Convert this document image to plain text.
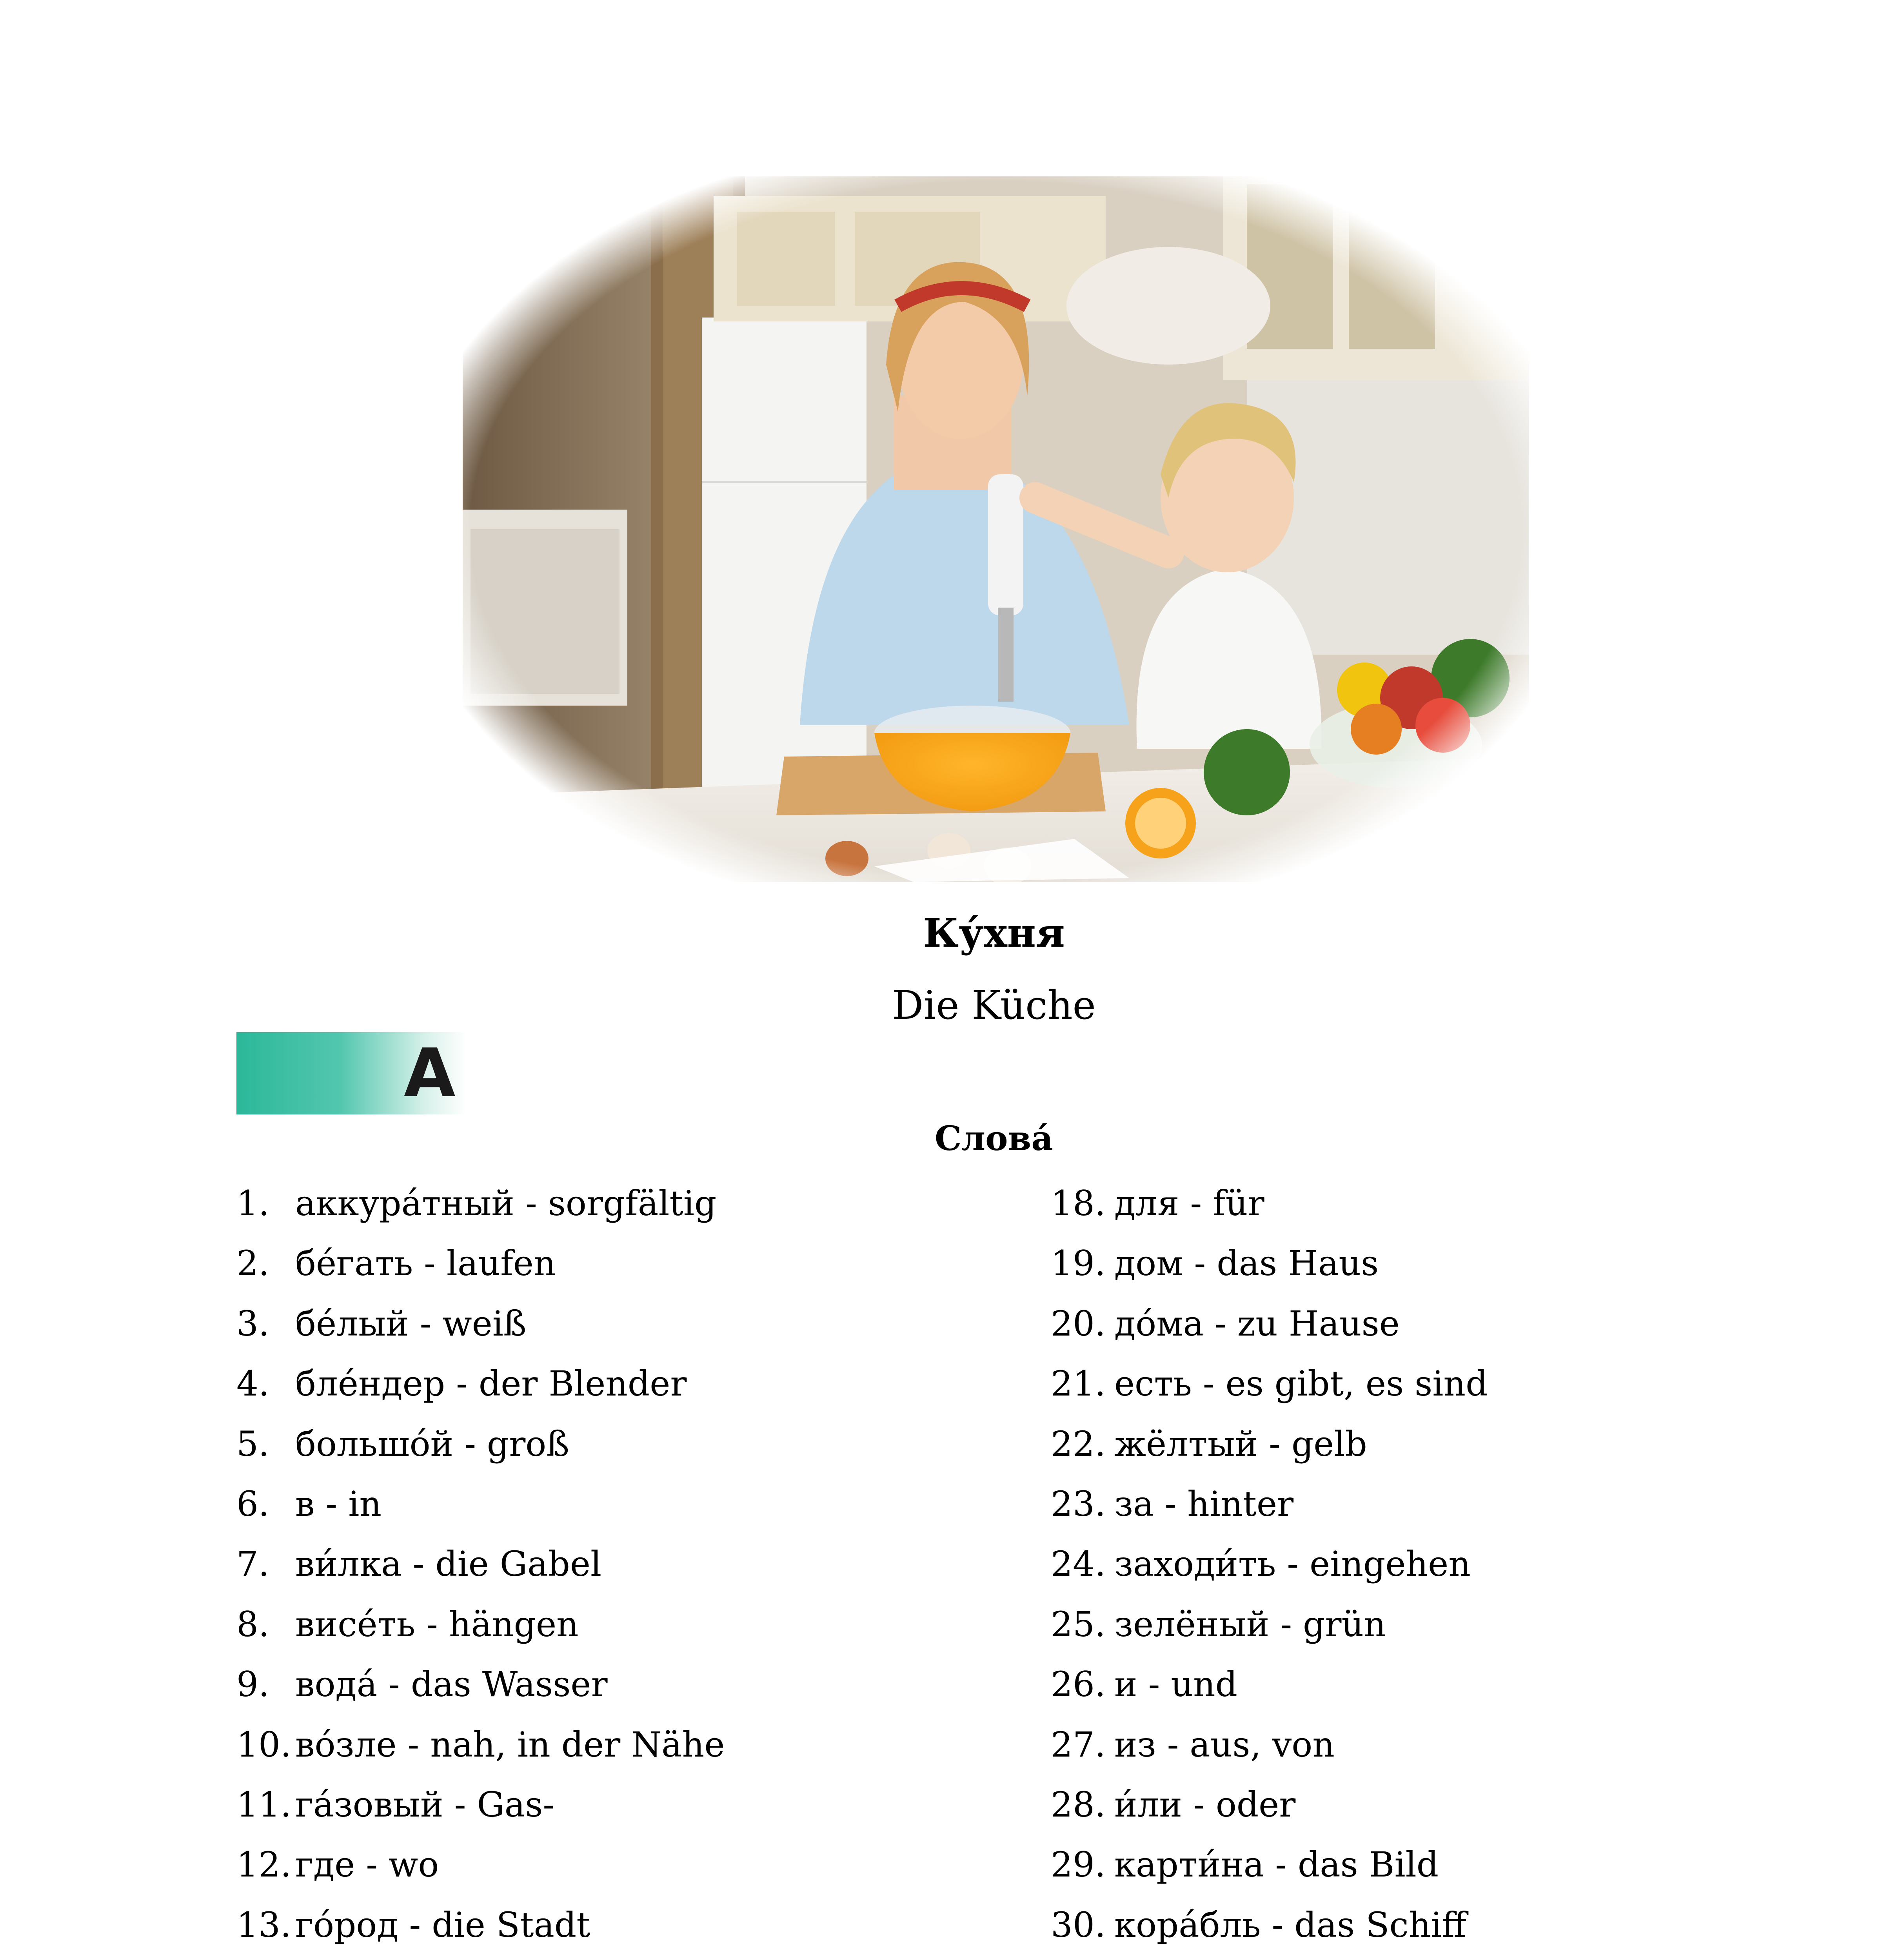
Ку́хня
Die Küche
A
Слова́
1. аккура́тный - sorgfältig
2. бе́гать - laufen
3. бе́лый - weiß
4. бле́ндер - der Blender
5. большо́й - groß
6. в - in
7. ви́лка - die Gabel
8. висе́ть - hängen
9. вода́ - das Wasser
10. во́зле - nah, in der Nähe
11. га́зовый - Gas-
12. где - wo
13. го́род - die Stadt
18. для - für
19. дом - das Haus
20. до́ма - zu Hause
21. есть - es gibt, es sind
22. жёлтый - gelb
23. за - hinter
24. заходи́ть - eingehen
25. зелёный - grün
26. и - und
27. из - aus, von
28. и́ли - oder
29. карти́на - das Bild
30. кора́бль - das Schiff
